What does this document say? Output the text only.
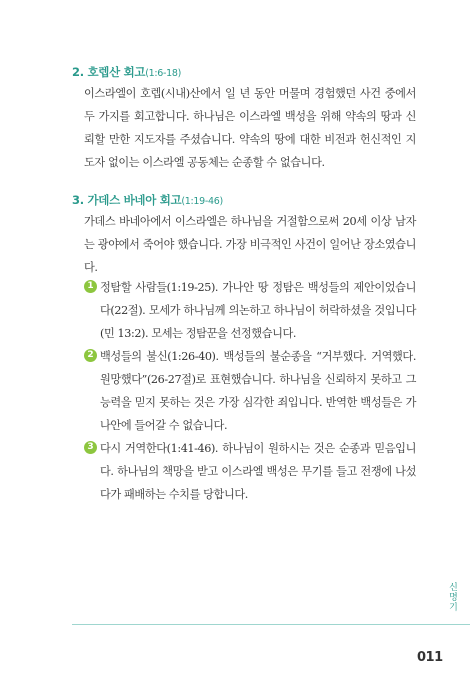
2. 호렙산 회고(1:6-18)

이스라엘이 호렙(시내)산에서 일 년 동안 머물며 경험했던 사건 중에서 두 가지를 회고합니다. 하나님은 이스라엘 백성을 위해 약속의 땅과 신뢰할 만한 지도자를 주셨습니다. 약속의 땅에 대한 비전과 헌신적인 지도자 없이는 이스라엘 공동체는 순종할 수 없습니다.

3. 가데스 바네아 회고(1:19-46)

가데스 바네아에서 이스라엘은 하나님을 거절함으로써 20세 이상 남자는 광야에서 죽어야 했습니다. 가장 비극적인 사건이 일어난 장소였습니다.

1 정탐할 사람들(1:19-25). 가나안 땅 정탐은 백성들의 제안이었습니다(22절). 모세가 하나님께 의논하고 하나님이 허락하셨을 것입니다(민 13:2). 모세는 정탐꾼을 선정했습니다.
2 백성들의 불신(1:26-40). 백성들의 불순종을 “거부했다. 거역했다. 원망했다”(26-27절)로 표현했습니다. 하나님을 신뢰하지 못하고 그 능력을 믿지 못하는 것은 가장 심각한 죄입니다. 반역한 백성들은 가나안에 들어갈 수 없습니다.
3 다시 거역한다(1:41-46). 하나님이 원하시는 것은 순종과 믿음입니다. 하나님의 책망을 받고 이스라엘 백성은 무기를 들고 전쟁에 나섰다가 패배하는 수치를 당합니다.
신명기
011
